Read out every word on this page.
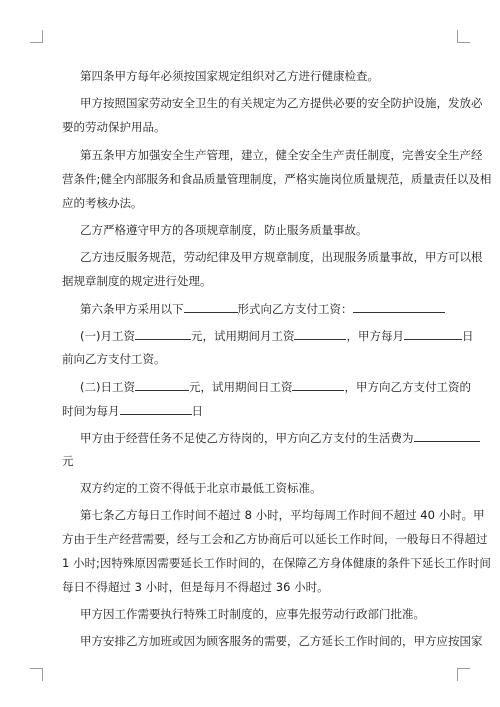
第四条甲方每年必须按国家规定组织对乙方进行健康检查。
甲方按照国家劳动安全卫生的有关规定为乙方提供必要的安全防护设施，发放必
要的劳动保护用品。
第五条甲方加强安全生产管理，建立，健全安全生产责任制度，完善安全生产经
营条件;健全内部服务和食品质量管理制度，严格实施岗位质量规范，质量责任以及相
应的考核办法。
乙方严格遵守甲方的各项规章制度，防止服务质量事故。
乙方违反服务规范，劳动纪律及甲方规章制度，出现服务质量事故，甲方可以根
据规章制度的规定进行处理。
第六条甲方采用以下	形式向乙方支付工资：
(一)月工资	元，试用期间月工资	，甲方每月	日
前向乙方支付工资。
(二)日工资	元，试用期间日工资	，甲方向乙方支付工资的
时间为每月	日
甲方由于经营任务不足使乙方待岗的，甲方向乙方支付的生活费为
元
双方约定的工资不得低于北京市最低工资标准。
第七条乙方每日工作时间不超过 8 小时，平均每周工作时间不超过 40 小时。甲
方由于生产经营需要，经与工会和乙方协商后可以延长工作时间，一般每日不得超过
1 小时;因特殊原因需要延长工作时间的，在保障乙方身体健康的条件下延长工作时间
每日不得超过 3 小时，但是每月不得超过 36 小时。
甲方因工作需要执行特殊工时制度的，应事先报劳动行政部门批准。
甲方安排乙方加班或因为顾客服务的需要，乙方延长工作时间的，甲方应按国家
